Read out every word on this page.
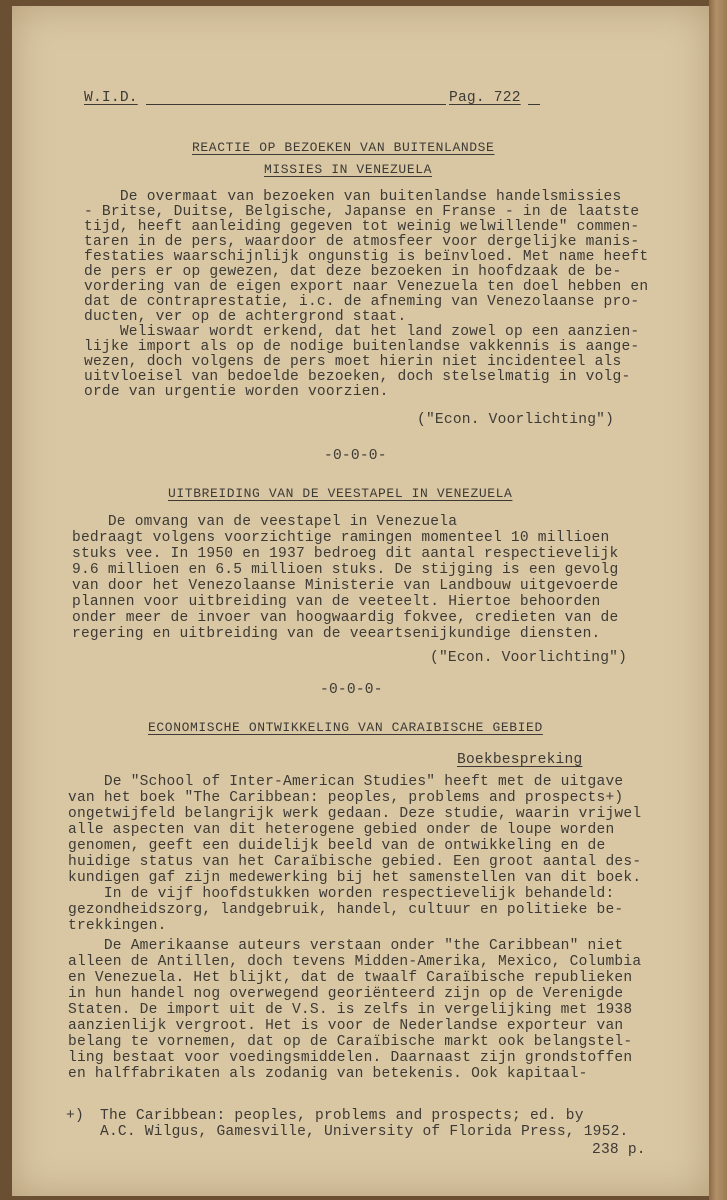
W.I.D.	Pag. 722
REACTIE OP BEZOEKEN VAN BUITENLANDSE
MISSIES IN VENEZUELA
De overmaat van bezoeken van buitenlandse handelsmissies
- Britse, Duitse, Belgische, Japanse en Franse - in de laatste
tijd, heeft aanleiding gegeven tot weinig welwillende" commen-
taren in de pers, waardoor de atmosfeer voor dergelijke manis-
festaties waarschijnlijk ongunstig is beïnvloed. Met name heeft
de pers er op gewezen, dat deze bezoeken in hoofdzaak de be-
vordering van de eigen export naar Venezuela ten doel hebben en
dat de contraprestatie, i.c. de afneming van Venezolaanse pro-
ducten, ver op de achtergrond staat.
Weliswaar wordt erkend, dat het land zowel op een aanzien-
lijke import als op de nodige buitenlandse vakkennis is aange-
wezen, doch volgens de pers moet hierin niet incidenteel als
uitvloeisel van bedoelde bezoeken, doch stelselmatig in volg-
orde van urgentie worden voorzien.
("Econ. Voorlichting")
-0-0-0-
UITBREIDING VAN DE VEESTAPEL IN VENEZUELA
De omvang van de veestapel in Venezuela
bedraagt volgens voorzichtige ramingen momenteel 10 millioen
stuks vee. In 1950 en 1937 bedroeg dit aantal respectievelijk
9.6 millioen en 6.5 millioen stuks. De stijging is een gevolg
van door het Venezolaanse Ministerie van Landbouw uitgevoerde
plannen voor uitbreiding van de veeteelt. Hiertoe behoorden
onder meer de invoer van hoogwaardig fokvee, credieten van de
regering en uitbreiding van de veeartsenijkundige diensten.
("Econ. Voorlichting")
-0-0-0-
ECONOMISCHE ONTWIKKELING VAN CARAIBISCHE GEBIED
Boekbespreking
De "School of Inter-American Studies" heeft met de uitgave
van het boek "The Caribbean: peoples, problems and prospects+)
ongetwijfeld belangrijk werk gedaan. Deze studie, waarin vrijwel
alle aspecten van dit heterogene gebied onder de loupe worden
genomen, geeft een duidelijk beeld van de ontwikkeling en de
huidige status van het Caraïbische gebied. Een groot aantal des-
kundigen gaf zijn medewerking bij het samenstellen van dit boek.
In de vijf hoofdstukken worden respectievelijk behandeld:
gezondheidszorg, landgebruik, handel, cultuur en politieke be-
trekkingen.
De Amerikaanse auteurs verstaan onder "the Caribbean" niet
alleen de Antillen, doch tevens Midden-Amerika, Mexico, Columbia
en Venezuela. Het blijkt, dat de twaalf Caraïbische republieken
in hun handel nog overwegend georiënteerd zijn op de Verenigde
Staten. De import uit de V.S. is zelfs in vergelijking met 1938
aanzienlijk vergroot. Het is voor de Nederlandse exporteur van
belang te vornemen, dat op de Caraïbische markt ook belangstel-
ling bestaat voor voedingsmiddelen. Daarnaast zijn grondstoffen
en halffabrikaten als zodanig van betekenis. Ook kapitaal-
+) The Caribbean: peoples, problems and prospects; ed. by
A.C. Wilgus, Gamesville, University of Florida Press, 1952.
238 p.
